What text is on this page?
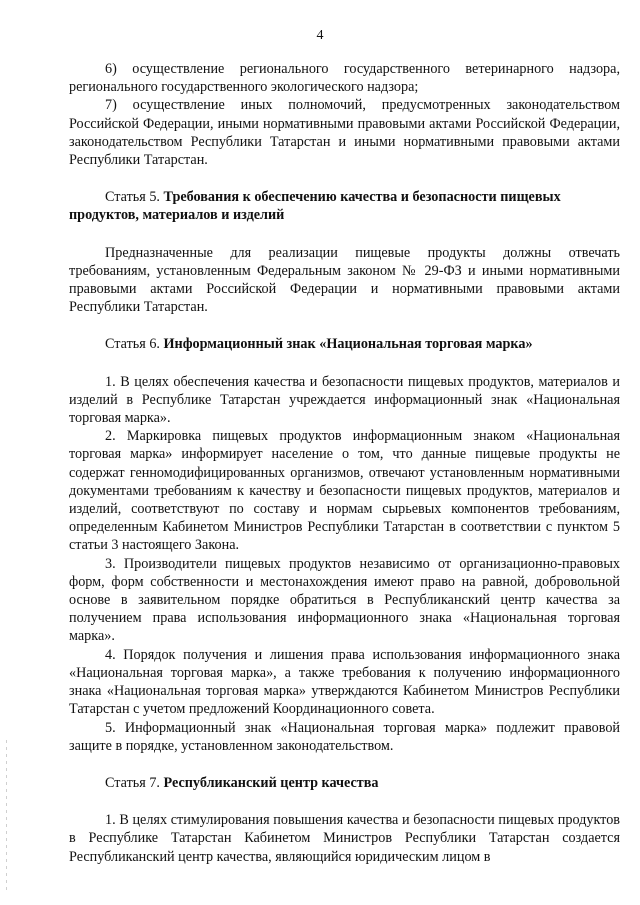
4

6) осуществление регионального государственного ветеринарного надзора, регионального государственного экологического надзора;

7) осуществление иных полномочий, предусмотренных законодательством Российской Федерации, иными нормативными правовыми актами Российской Федерации, законодательством Республики Татарстан и иными нормативными правовыми актами Республики Татарстан.

Статья 5. Требования к обеспечению качества и безопасности пищевых продуктов, материалов и изделий

Предназначенные для реализации пищевые продукты должны отвечать требованиям, установленным Федеральным законом № 29-ФЗ и иными нормативными правовыми актами Российской Федерации и нормативными правовыми актами Республики Татарстан.

Статья 6. Информационный знак «Национальная торговая марка»

1. В целях обеспечения качества и безопасности пищевых продуктов, материалов и изделий в Республике Татарстан учреждается информационный знак «Национальная торговая марка».

2. Маркировка пищевых продуктов информационным знаком «Национальная торговая марка» информирует население о том, что данные пищевые продукты не содержат генномодифицированных организмов, отвечают установленным нормативными документами требованиям к качеству и безопасности пищевых продуктов, материалов и изделий, соответствуют по составу и нормам сырьевых компонентов требованиям, определенным Кабинетом Министров Республики Татарстан в соответствии с пунктом 5 статьи 3 настоящего Закона.

3. Производители пищевых продуктов независимо от организационно-правовых форм, форм собственности и местонахождения имеют право на равной, добровольной основе в заявительном порядке обратиться в Республиканский центр качества за получением права использования информационного знака «Национальная торговая марка».

4. Порядок получения и лишения права использования информационного знака «Национальная торговая марка», а также требования к получению информационного знака «Национальная торговая марка» утверждаются Кабинетом Министров Республики Татарстан с учетом предложений Координационного совета.

5. Информационный знак «Национальная торговая марка» подлежит правовой защите в порядке, установленном законодательством.

Статья 7. Республиканский центр качества

1. В целях стимулирования повышения качества и безопасности пищевых продуктов в Республике Татарстан Кабинетом Министров Республики Татарстан создается Республиканский центр качества, являющийся юридическим лицом в
